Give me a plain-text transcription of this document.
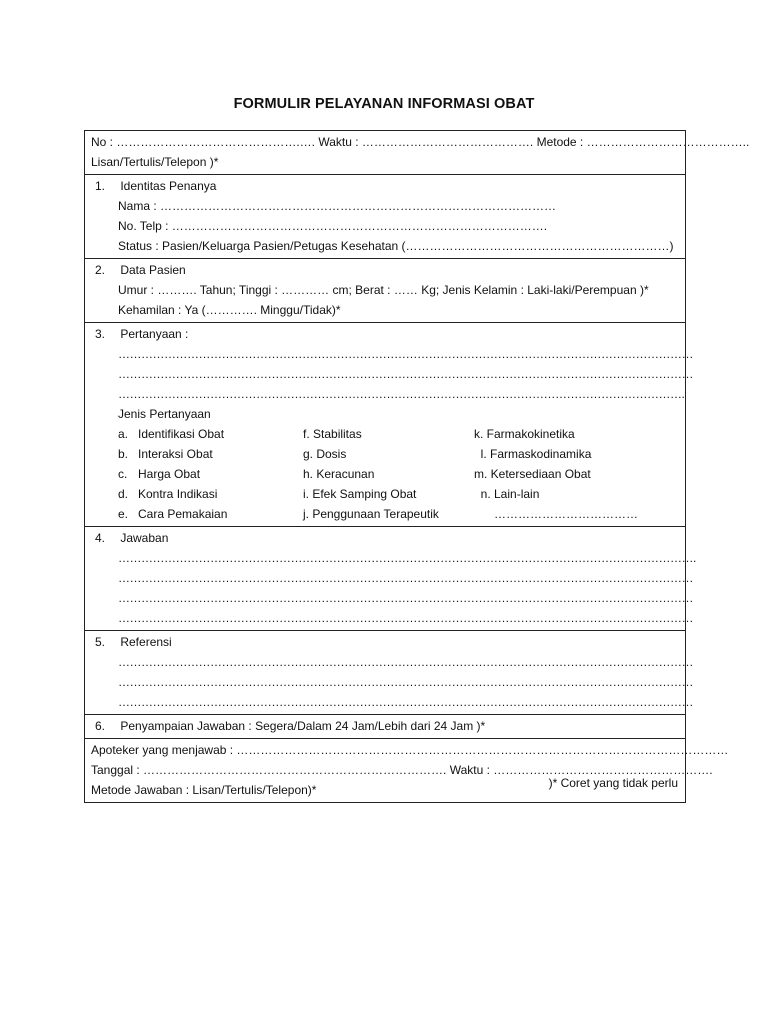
FORMULIR PELAYANAN INFORMASI OBAT
No : ……………………………………….…. Waktu : ……………………………………. Metode : …………………………………..
Lisan/Tertulis/Telepon )*
1. Identitas Penanya
Nama : ………………………………………………………………………………………
No. Telp : ………………………………………………………………………………….
Status : Pasien/Keluarga Pasien/Petugas Kesehatan (…………………………………………………………)
2. Data Pasien
Umur : ………. Tahun; Tinggi : ………… cm; Berat : …… Kg; Jenis Kelamin : Laki-laki/Perempuan )*
Kehamilan : Ya (…………. Minggu/Tidak)*
3. Pertanyaan :
……………………………………………………………………………………………………………………………………
……………………………………………………………………………………………………………………………………
………………………………………………………………………………………………………………………………….
Jenis Pertanyaan
a. Identifikasi Obat	f. Stabilitas	k. Farmakokinetika
b. Interaksi Obat	g. Dosis	l. Farmaskodinamika
c. Harga Obat	h. Keracunan	m. Ketersediaan Obat
d. Kontra Indikasi	i. Efek Samping Obat	n. Lain-lain
e. Cara Pemakaian	j. Penggunaan Terapeutik	………………………………
4. Jawaban
…………………………………………………………………………………………………………………………………….
……………………………………………………………………………………………………………………………………
……………………………………………………………………………………………………………………………………
……………………………………………………………………………………………………………………………………
5. Referensi
……………………………………………………………………………………………………………………………………
……………………………………………………………………………………………………………………………………
……………………………………………………………………………………………………………………………………
6. Penyampaian Jawaban : Segera/Dalam 24 Jam/Lebih dari 24 Jam )*
Apoteker yang menjawab : ……………………………………………………………………………………………………………
Tanggal : …………………………………………………………………. Waktu : ……………………………………………….
Metode Jawaban : Lisan/Tertulis/Telepon)*	)* Coret yang tidak perlu
